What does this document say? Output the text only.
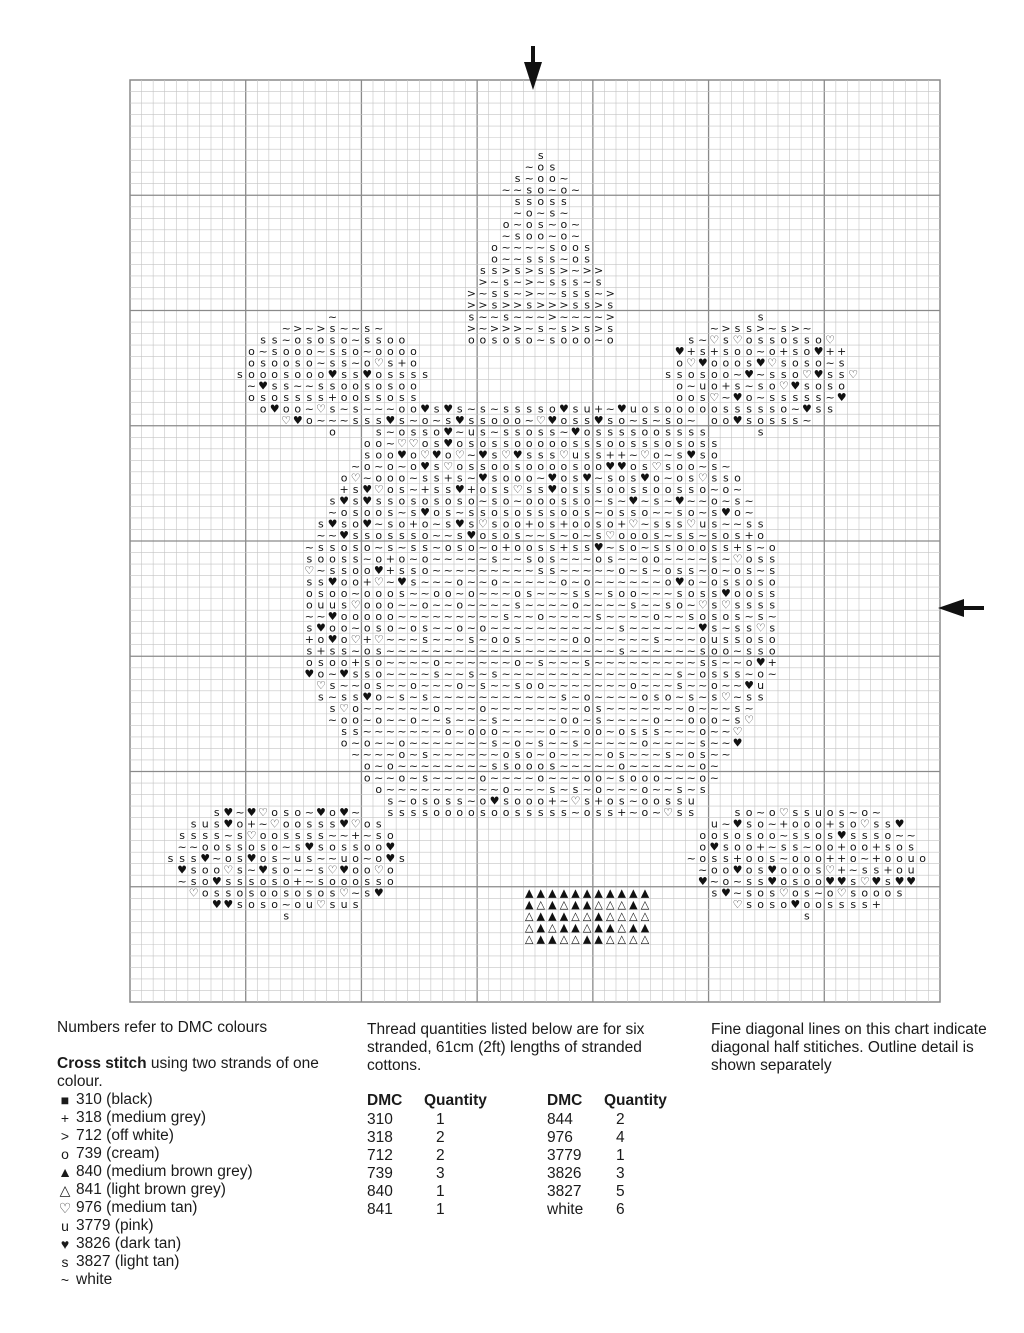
s
~ o s
s ~ o o ~
~ ~ s o ~ o ~
s s o s s
~ o ~ s ~
o ~ o s ~ o ~
~ s o o ~ o ~
o ~ ~ ~ ~ s o o s
o ~ ~ s s s ~ o s
s s > s > s s > ~ > >
> ~ s ~ > ~ s s s ~ s
> ~ s s ~ > ~ ~ s s s ~ >
> > s > > s > > > s s > s
~	s ~ ~ s ~ ~ ~ > ~ ~ ~ ~ >	s
~ > ~ > s ~ ~ s ~	> ~ > > > ~ s ~ s > s > s	~ > s s > ~ s > ~
s s ~ o s o s o ~ s s o o	o o s o s o ~ s o o o ~ o	s ~ ♡ s ♡ o s s o s s o ♡
o ~ s o o o ~ s s o ~ o o o o	♥ + s + s o o ~ o + s o ♥ + +
o s o o s o ~ s s ~ o ♡ s + o	o ♡ ♥ o o o s ♥ ♡ s o s o ~ s
s o o o s o o o ♥ s s ♥ o s s s s	s s o s o o ~ ♥ ~ s s o ♡ ♥ s s ♡
~ ♥ s s ~ ~ s s o o s o s o o	o ~ u o + s ~ s o ♡ ♥ s o s o
o s o s s s s + o o s s o s s	o o s ♡ ~ ♥ o ~ s s s s s ~ ♥
o ♥ o o ~ ♡ s ~ s ~ ~ ~ o o ♥ s ♥ s ~ s ~ s s s s o ♥ s u + ~ ♥ u o s o o o o o s s s s s o ~ ♥ s s
♡ ♥ o ~ ~ ~ s s s ♥ s ~ o ~ s ♥ s s o o o ~ ♡ ♥ o s s ♥ s o ~ s ~ s o ~ o o ♥ s o s s s ~
o	s ~ o s s o ♥ ~ u s ~ s s o s s ~ ♥ o s s s s o o s s s s	s
o o ~ ♡ ♡ o s ♥ o s o s s o o o o o s s s o o s s s o s o s s
s o o ♥ o ♡ ♥ o ♡ ~ ♥ s ♡ ♥ s s s ♡ u s s + + ~ ♡ o ~ s ♥ s o
~ o ~ o ~ o ♥ s ♡ o s s o o s o o o o s o o ♥ ♥ o s ♡ s o o ~ s ~
o ♡ ~ o o o ~ s s + s ~ ♥ s o o o ~ ♥ o s ♥ ~ s o s ♥ o ~ o s ♡ s s o
+ s ♥ ♡ o s ~ + s s ♥ + o s s ♡ s s ♥ o s s s o o s s o o s s o ~ o ~
s ♥ s ♥ s s o s o s o s o ~ s o ~ o o o s s o ~ s ~ ♥ ~ s ~ ♥ ~ ~ o ~ s ~
~ o s o o s ~ s ♥ o s ~ s s o s o s s s o o s ~ o s s o ~ ~ s o ~ s ♥ o ~
s ♥ s o ♥ ~ s o + o ~ s ♥ s ♡ s o o + o s + o o s o + ♡ ~ s s s ♡ u s ~ ~ s s
~ ~ ♥ s s o s s s o ~ ~ s ♥ o s o s ~ ~ s ~ o ~ s ♡ o o o s ~ s s ~ s o s + o
~ s s o s o ~ s ~ s s ~ o s o ~ o + o o s s + s s ♥ ~ s o ~ s s o o o s s + s ~ o
s o o s s ~ o + o ~ o ~ ~ ~ ~ ~ s ~ ~ s o s ~ ~ ~ o s ~ ~ o o ~ ~ ~ ~ s ~ ♡ o s s
♡ ~ s s o o ♥ + s s o ~ ~ ~ ~ ~ ~ ~ ~ ~ s s ~ ~ ~ ~ ~ o ~ s ~ o s s ~ o ~ o s ~ s
s s ♥ o o + ♡ ~ ♥ s ~ ~ ~ o ~ ~ o ~ ~ ~ ~ ~ o ~ o ~ ~ ~ ~ ~ ~ o ♥ o ~ o s s o s o
o s o o ~ o o o s ~ ~ o o ~ o ~ ~ ~ o s ~ ~ ~ s s ~ s o o ~ ~ ~ s o s s ♥ o o s s
o u u s ♡ o o o ~ ~ o ~ ~ o ~ ~ ~ ~ s ~ ~ ~ ~ o ~ ~ ~ ~ s ~ ~ s o ~ ♡ s ♡ s s s s
~ ~ ♥ o o o o o ~ ~ ~ ~ ~ ~ ~ ~ ~ s ~ ~ o ~ ~ ~ ~ s ~ ~ ~ ~ o ~ ~ s o s o s ~ s ~
s ♥ o o ~ o s o ~ o s ~ ~ o ~ o ~ ~ ~ ~ ~ ~ ~ ~ ~ ~ ~ s ~ ~ ~ ~ ~ ~ ♥ s ~ s s ♡ s
+ o ♥ o ♡ + ♡ ~ ~ ~ s ~ ~ ~ s ~ o o s ~ ~ ~ ~ o o ~ ~ ~ ~ ~ s ~ ~ ~ o u s s o s o
s + s s ~ o s ~ ~ ~ ~ ~ ~ ~ ~ ~ ~ ~ ~ ~ ~ ~ ~ ~ ~ ~ ~ s ~ ~ ~ ~ ~ ~ s o o ~ s s o
o s o o + s o ~ ~ ~ ~ o ~ ~ ~ ~ ~ ~ o ~ s ~ ~ ~ s ~ ~ ~ ~ ~ ~ ~ ~ ~ s s ~ ~ o ♥ +
♥ o ~ ♥ s s o ~ ~ ~ ~ s ~ ~ s ~ s ~ ~ ~ ~ ~ ~ ~ ~ ~ ~ ~ ~ ~ ~ ~ s ~ o s s s ~ o ~
♡ s ~ ~ o s ~ ~ o ~ ~ ~ o ~ s ~ ~ s o o ~ ~ ~ ~ ~ ~ ~ o ~ ~ ~ s ~ ~ o ~ ~ ♥ u
s ~ s s ♥ o ~ s ~ s ~ ~ ~ ~ ~ ~ ~ ~ ~ ~ ~ s ~ o ~ ~ ~ ~ o s o ~ s ~ s ♡ ~ s s
s ♡ o ~ ~ ~ ~ ~ ~ o ~ ~ ~ o ~ ~ ~ ~ ~ ~ ~ ~ o s ~ ~ ~ ~ ~ ~ ~ o ~ ~ ~ s ~
~ o o ~ o ~ ~ o ~ ~ s ~ ~ ~ s ~ ~ ~ ~ ~ o o ~ s ~ ~ ~ ~ o ~ ~ o o o ~ s ♡
s s ~ ~ ~ ~ ~ ~ ~ o ~ o o o ~ ~ ~ ~ o ~ ~ o o ~ o s s s ~ ~ ~ o ~ ~ ♡
o ~ o ~ ~ o ~ ~ ~ ~ ~ ~ ~ s ~ o ~ s ~ ~ s ~ ~ ~ ~ ~ o ~ ~ ~ ~ s ~ ~ ♥
~ ~ ~ ~ o ~ s ~ ~ ~ ~ ~ ~ o s o ~ o ~ ~ ~ ~ o s ~ ~ ~ s ~ o s ~ ~
o ~ o ~ ~ ~ ~ ~ ~ ~ ~ s s o o o s ~ ~ ~ ~ ~ o ~ ~ ~ ~ ~ ~ o ~
o ~ ~ o ~ s ~ ~ ~ ~ o ~ ~ ~ ~ o ~ ~ ~ o o ~ s o o o ~ ~ ~ o ~
o ~ ~ ~ ~ ~ ~ ~ ~ ~ ~ o ~ ~ ~ s ~ s ~ o ~ ~ ~ o ~ ~ s ~ s
s ~ o s o s s ~ o ♥ s o o o + ~ ♡ s + o s ~ o o s s u
s ♥ ~ ♥ ♡ o s o ~ ♥ o ♥ ~ s s s s o o o o s o o s s s s s ~ o s s + ~ o ~ ♡ s s	s o ~ o ♡ s s u o s ~ o ~
s u s ♥ o + ~ ♡ o o s s s ♥ ♡ o s	u ~ ♥ s o ~ + o o o + s o ♡ s s ♥
s s s s ~ s ♡ o o s s s s ~ ~ + ~ s o	o o s o s o o ~ s s o s ♥ s s s o ~ ~
~ ~ o o s s o s o ~ s ♥ s o s s o o ♥	o ♥ s o o + ~ s s ~ o o + o o + s o s
s s s ♥ ~ o s ♥ o s ~ u s ~ ~ u o ~ o ♥ s	~ o s s + o o s ~ o o o + + o ~ + o o u o
♥ s o o ♡ s ~ ♥ s o ~ ~ s ♡ ♥ o o ♡ o	~ o o ♥ o s ♥ o o o s ♡ + ~ s s + o u
~ s o ♥ s s s o s o + ~ s o o o s s o	♥ ~ o ~ s s ♥ o s o o ♥ ♥ s ♡ ♥ s ♥ ♥
♡ o s s o s o o s o s o s ♡ ~ s ♥	▲ ▲ ▲ ▲ ▲ ▲ ▲ ▲ ▲ ▲ ▲	s ♥ ~ s o s ♡ o s ~ o ♡ s o o o s
♥ ♥ s o s o ~ o u ♡ s u s	▲ △ ▲ △ ▲ ▲ △ △ △ ▲ △	♡ s o s o ♥ o o s s s s +
s	△ ▲ ▲ ▲ △ △ ▲ △ △ △ △	s
△ ▲ △ ▲ ▲ △ ▲ ▲ △ ▲ ▲
△ ▲ ▲ △ △ ▲ ▲ △ △ △ △

Numbers refer to DMC colours

Cross stitch using two strands of one colour.

■ 310 (black)
+ 318 (medium grey)
> 712 (off white)
o 739 (cream)
▲ 840 (medium brown grey)
△ 841 (light brown grey)
♡ 976 (medium tan)
u 3779 (pink)
♥ 3826 (dark tan)
s 3827 (light tan)
~ white

Thread quantities listed below are for six stranded, 61cm (2ft) lengths of stranded cottons.

DMC	Quantity	DMC	Quantity
310	1	844	2
318	2	976	4
712	2	3779	1
739	3	3826	3
840	1	3827	5
841	1	white	6

Fine diagonal lines on this chart indicate diagonal half stitiches. Outline detail is shown separately
